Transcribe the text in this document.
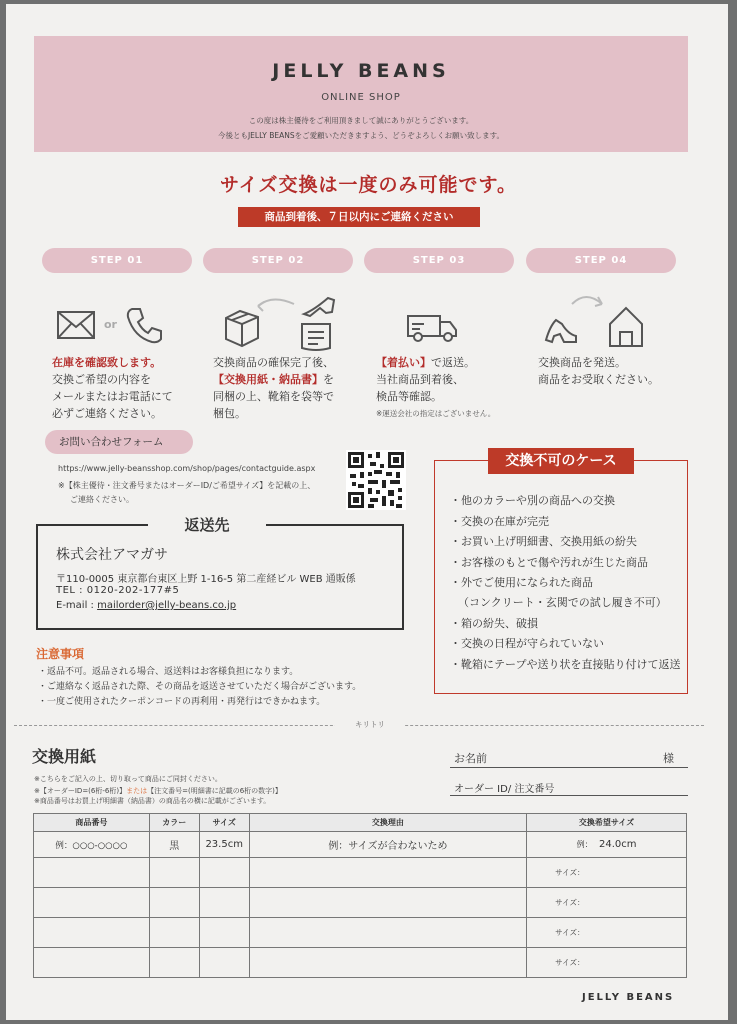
JELLY BEANS
ONLINE SHOP
この度は株主優待をご利用頂きまして誠にありがとうございます。
今後ともJELLY BEANSをご愛顧いただきますよう、どうぞよろしくお願い致します。
サイズ交換は一度のみ可能です。
商品到着後、７日以内にご連絡ください
STEP 01	STEP 02	STEP 03	STEP 04
or
在庫を確認致します。
交換ご希望の内容を
メールまたはお電話にて
必ずご連絡ください。
交換商品の確保完了後、
【交換用紙・納品書】を
同梱の上、靴箱を袋等で
梱包。
【着払い】で返送。
当社商品到着後、
検品等確認。
※運送会社の指定はございません。
交換商品を発送。
商品をお受取ください。
お問い合わせフォーム
https://www.jelly-beansshop.com/shop/pages/contactguide.aspx
※【株主優待・注文番号またはオーダーID/ご希望サイズ】を記載の上、
ご連絡ください。
返送先
株式会社アマガサ
〒110-0005 東京都台東区上野 1-16-5 第二産経ビル WEB 通販係
TEL : 0120-202-177#5
E-mail : mailorder@jelly-beans.co.jp
交換不可のケース
・他のカラーや別の商品への交換
・交換の在庫が完売
・お買い上げ明細書、交換用紙の紛失
・お客様のもとで傷や汚れが生じた商品
・外でご使用になられた商品
（コンクリート・玄関での試し履き不可）
・箱の紛失、破損
・交換の日程が守られていない
・靴箱にテープや送り状を直接貼り付けて返送
注意事項
・返品不可。返品される場合、返送料はお客様負担になります。
・ご連絡なく返品された際、その商品を返送させていただく場合がございます。
・一度ご使用されたクーポンコードの再利用・再発行はできかねます。
キリトリ
交換用紙
※こちらをご記入の上、切り取って商品にご同封ください。
※【オーダーID=(6桁-6桁)】または【注文番号=(明細書に記載の6桁の数字)】
※商品番号はお買上げ明細書（納品書）の商品名の横に記載がございます。
お名前	様
オーダー ID/ 注文番号
商品番号	カラー	サイズ	交換理由	交換希望サイズ
例：○○○-○○○○	黒	23.5cm	例：サイズが合わないため	例： 24.0cm
				サイズ：
				サイズ：
				サイズ：
				サイズ：
JELLY BEANS
